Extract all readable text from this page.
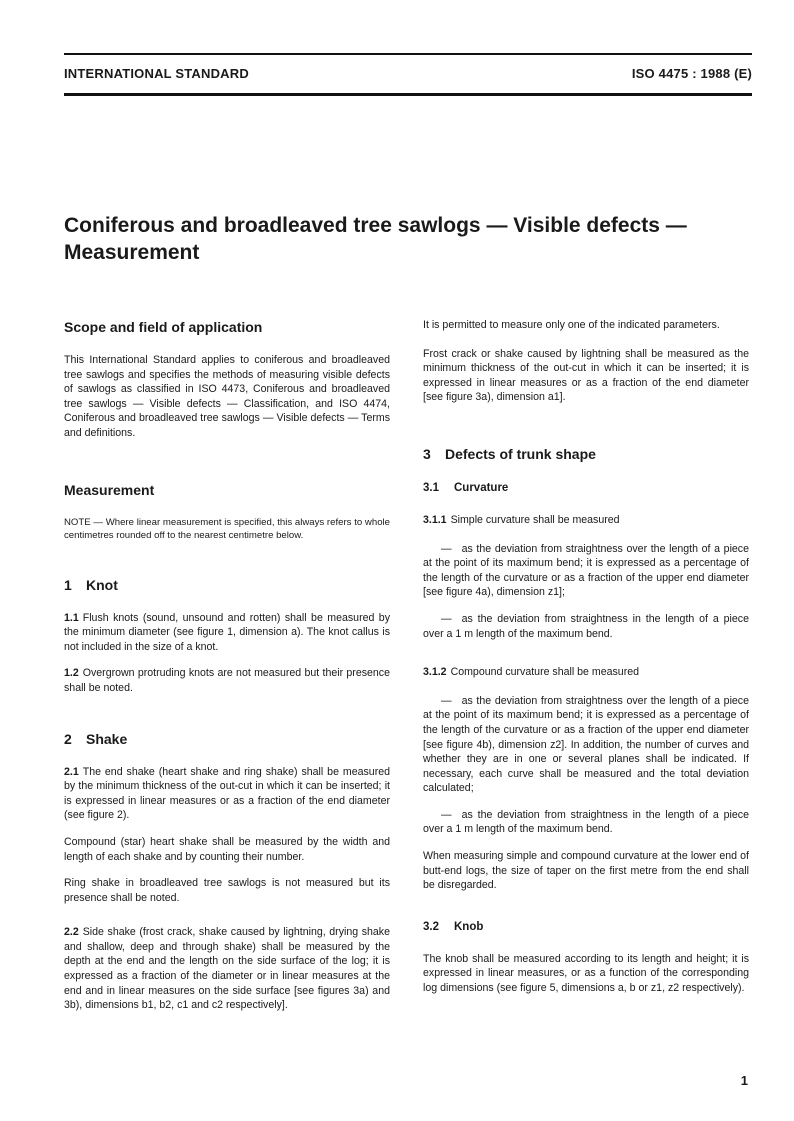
INTERNATIONAL STANDARD	ISO 4475 : 1988 (E)
Coniferous and broadleaved tree sawlogs — Visible defects — Measurement
Scope and field of application

This International Standard applies to coniferous and broadleaved tree sawlogs and specifies the methods of measuring visible defects of sawlogs as classified in ISO 4473, Coniferous and broadleaved tree sawlogs — Visible defects — Classification, and ISO 4474, Coniferous and broadleaved tree sawlogs — Visible defects — Terms and definitions.

Measurement

NOTE — Where linear measurement is specified, this always refers to whole centimetres rounded off to the nearest centimetre below.

1 Knot

1.1 Flush knots (sound, unsound and rotten) shall be measured by the minimum diameter (see figure 1, dimension a). The knot callus is not included in the size of a knot.

1.2 Overgrown protruding knots are not measured but their presence shall be noted.

2 Shake

2.1 The end shake (heart shake and ring shake) shall be measured by the minimum thickness of the out-cut in which it can be inserted; it is expressed in linear measures or as a fraction of the end diameter (see figure 2).

Compound (star) heart shake shall be measured by the width and length of each shake and by counting their number.

Ring shake in broadleaved tree sawlogs is not measured but its presence shall be noted.

2.2 Side shake (frost crack, shake caused by lightning, drying shake and shallow, deep and through shake) shall be measured by the depth at the end and the length on the side surface of the log; it is expressed as a fraction of the diameter or in linear measures at the end and in linear measures on the side surface [see figures 3a) and 3b), dimensions b1, b2, c1 and c2 respectively].

It is permitted to measure only one of the indicated parameters.

Frost crack or shake caused by lightning shall be measured as the minimum thickness of the out-cut in which it can be inserted; it is expressed in linear measures or as a fraction of the end diameter [see figure 3a), dimension a1].

3 Defects of trunk shape
3.1 Curvature

3.1.1 Simple curvature shall be measured

— as the deviation from straightness over the length of a piece at the point of its maximum bend; it is expressed as a percentage of the length of the curvature or as a fraction of the upper end diameter [see figure 4a), dimension z1];

— as the deviation from straightness in the length of a piece over a 1 m length of the maximum bend.

3.1.2 Compound curvature shall be measured

— as the deviation from straightness over the length of a piece at the point of its maximum bend; it is expressed as a percentage of the length of the curvature or as a fraction of the upper end diameter [see figure 4b), dimension z2]. In addition, the number of curves and whether they are in one or several planes shall be indicated. If necessary, each curve shall be measured and the total deviation calculated;

— as the deviation from straightness in the length of a piece over a 1 m length of the maximum bend.

When measuring simple and compound curvature at the lower end of butt-end logs, the size of taper on the first metre from the end shall be disregarded.

3.2 Knob

The knob shall be measured according to its length and height; it is expressed in linear measures, or as a function of the corresponding log dimensions (see figure 5, dimensions a, b or z1, z2 respectively).

1
